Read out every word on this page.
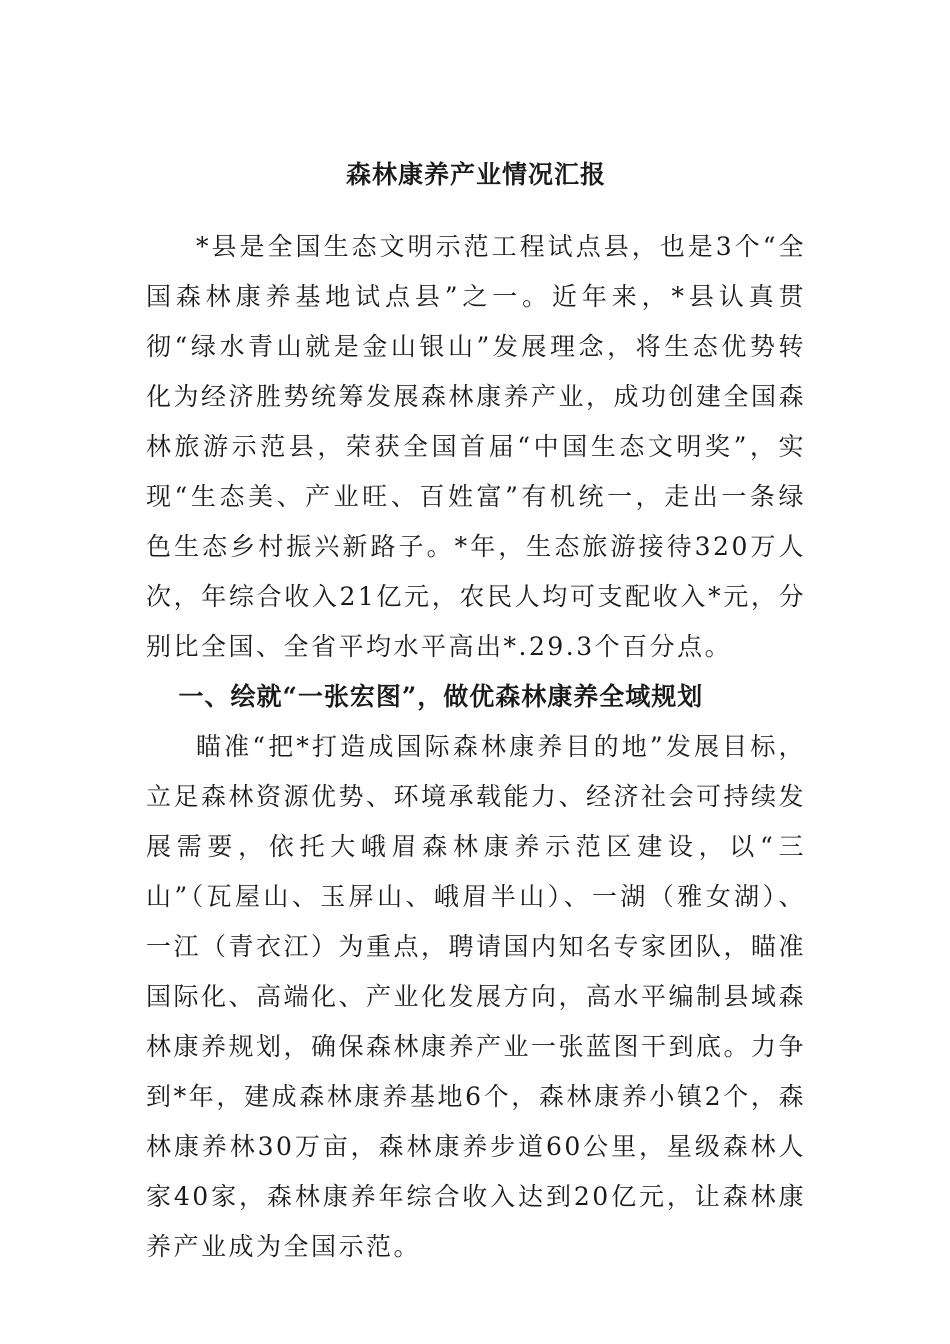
森林康养产业情况汇报

*县是全国生态文明示范工程试点县，也是3个“全国森林康养基地试点县”之一。近年来，*县认真贯彻“绿水青山就是金山银山”发展理念，将生态优势转化为经济胜势统筹发展森林康养产业，成功创建全国森林旅游示范县，荣获全国首届“中国生态文明奖”，实现“生态美、产业旺、百姓富”有机统一，走出一条绿色生态乡村振兴新路子。*年，生态旅游接待320万人次，年综合收入21亿元，农民人均可支配收入*元，分别比全国、全省平均水平高出*.29.3个百分点。

一、绘就“一张宏图”，做优森林康养全域规划

瞄准“把*打造成国际森林康养目的地”发展目标，立足森林资源优势、环境承载能力、经济社会可持续发展需要，依托大峨眉森林康养示范区建设，以“三山”（瓦屋山、玉屏山、峨眉半山）、一湖（雅女湖）、一江（青衣江）为重点，聘请国内知名专家团队，瞄准国际化、高端化、产业化发展方向，高水平编制县域森林康养规划，确保森林康养产业一张蓝图干到底。力争到*年，建成森林康养基地6个，森林康养小镇2个，森林康养林30万亩，森林康养步道60公里，星级森林人家40家，森林康养年综合收入达到20亿元，让森林康养产业成为全国示范。
